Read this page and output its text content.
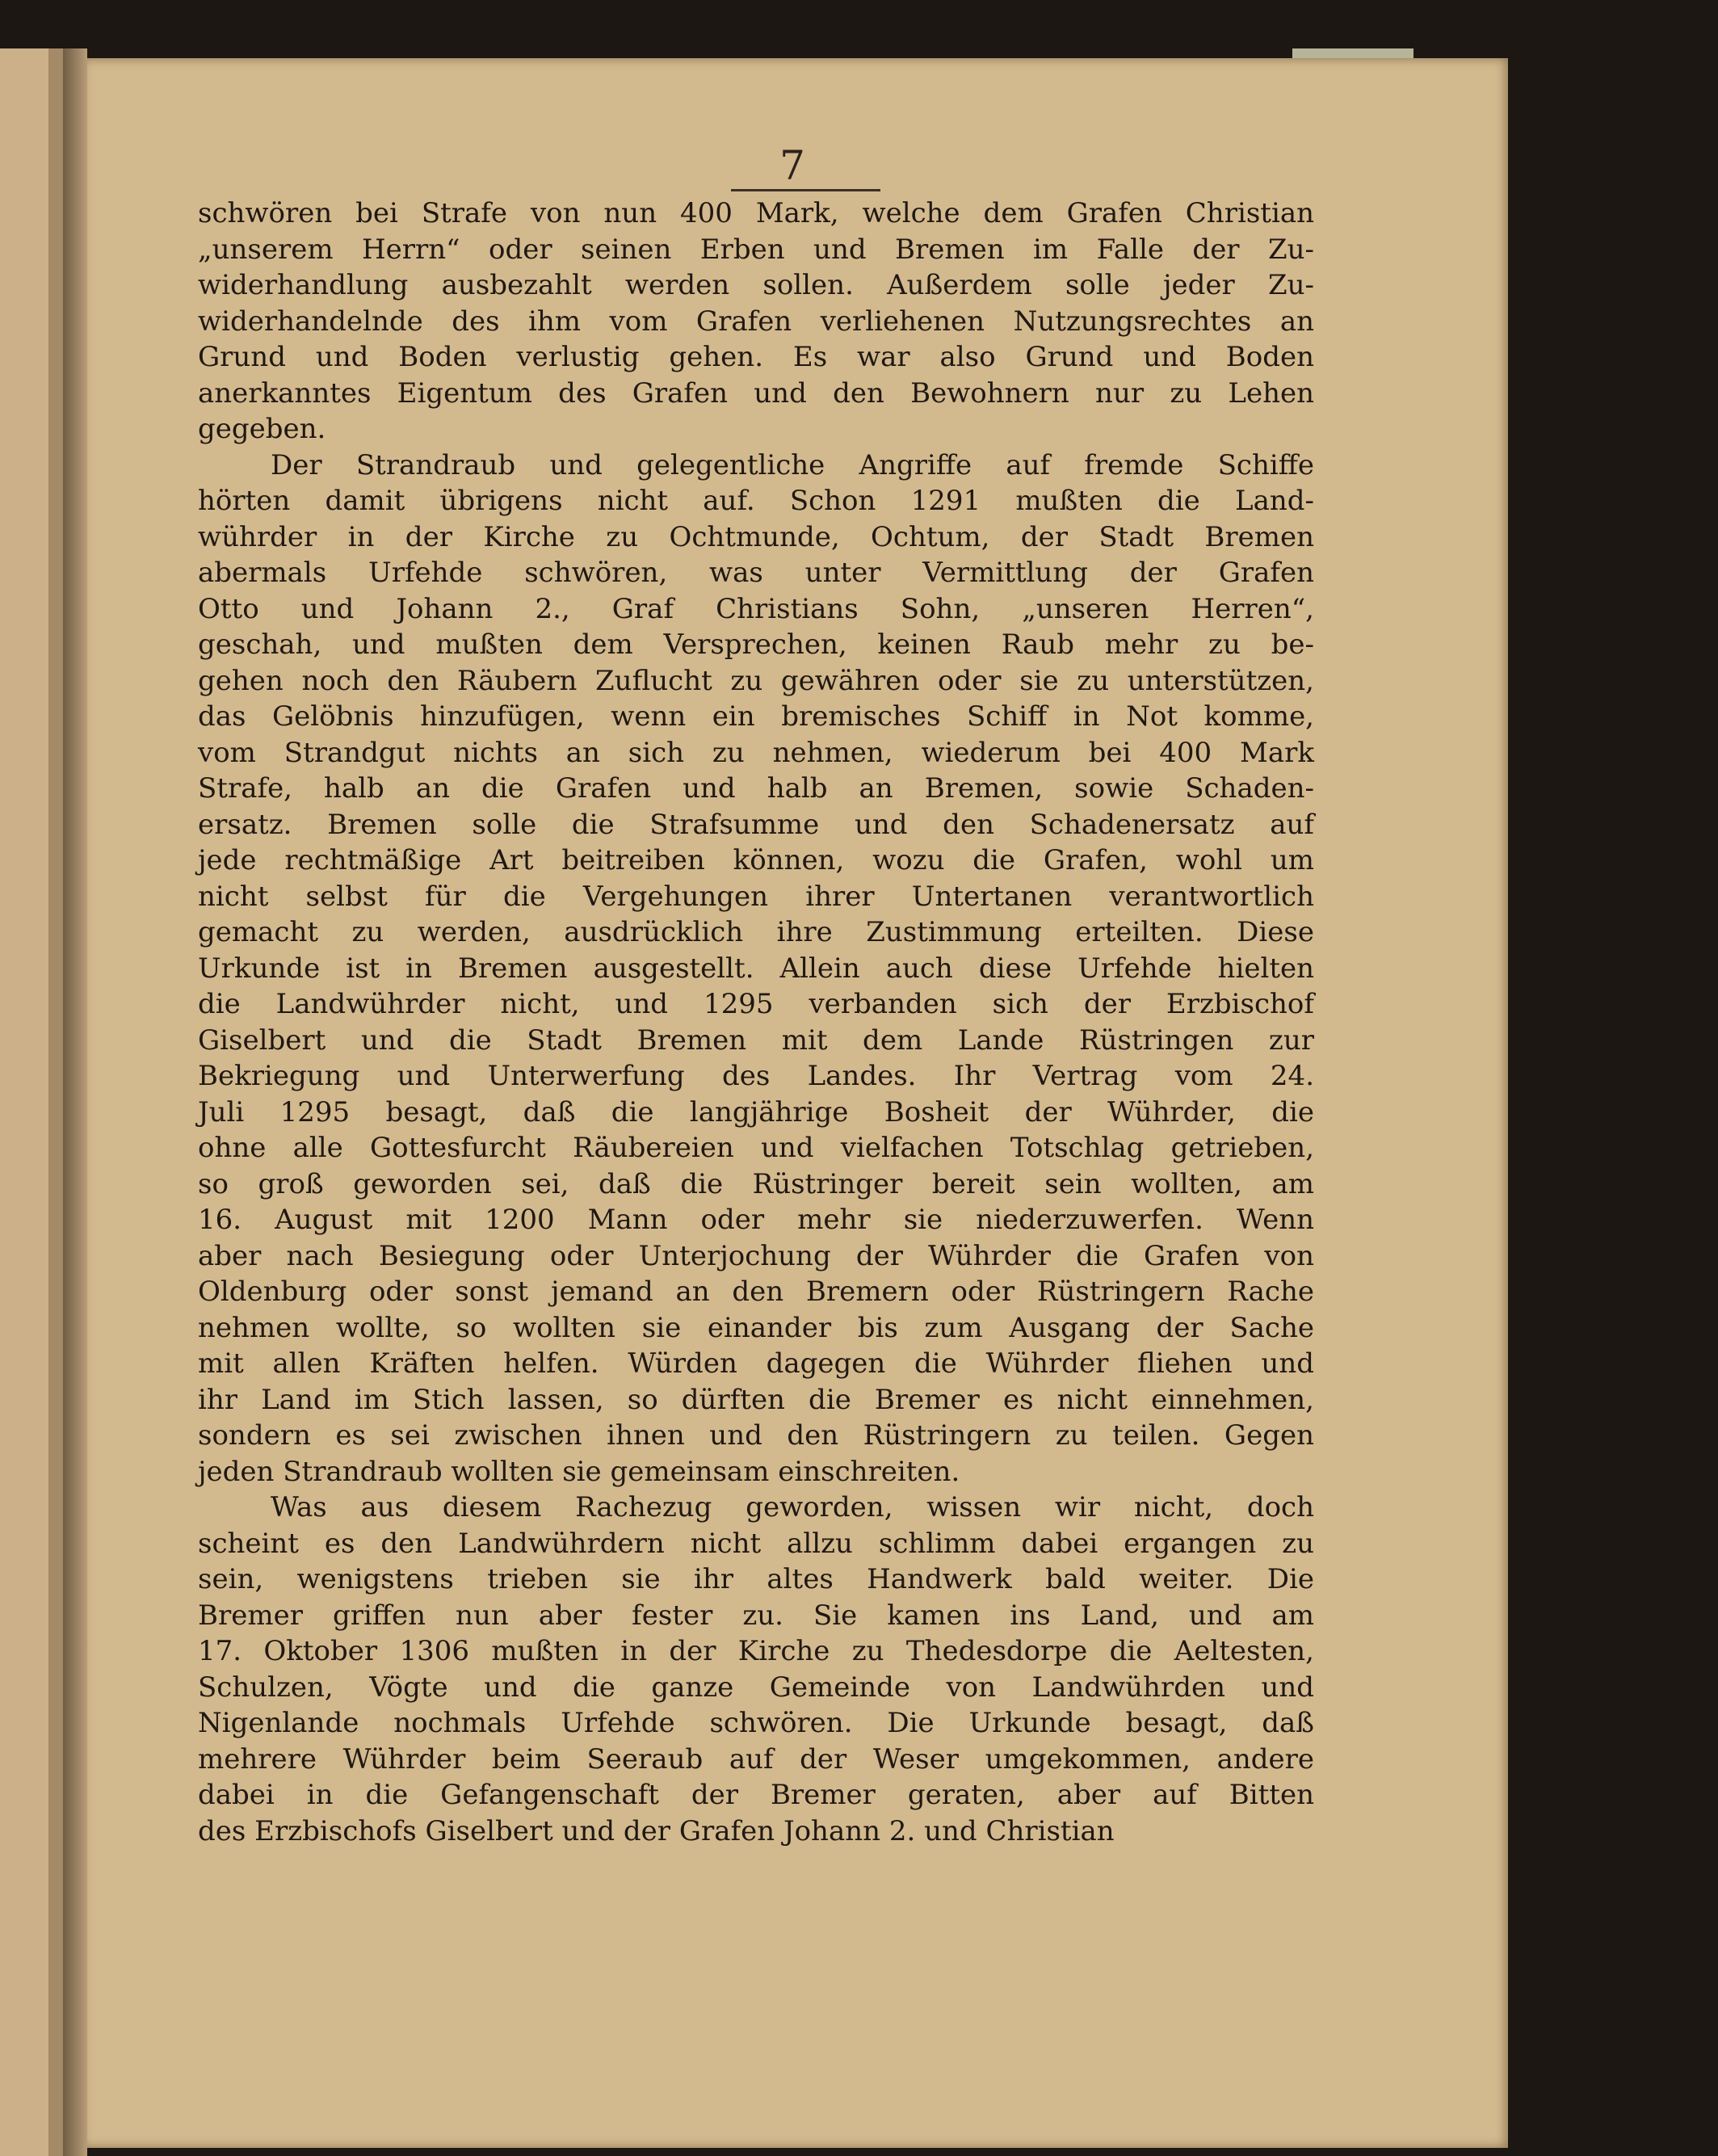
7
schwören bei Strafe von nun 400 Mark, welche dem Grafen Christian
„unserem Herrn“ oder seinen Erben und Bremen im Falle der Zu-
widerhandlung ausbezahlt werden sollen. Außerdem solle jeder Zu-
widerhandelnde des ihm vom Grafen verliehenen Nutzungsrechtes an
Grund und Boden verlustig gehen. Es war also Grund und Boden
anerkanntes Eigentum des Grafen und den Bewohnern nur zu Lehen
gegeben.
Der Strandraub und gelegentliche Angriffe auf fremde Schiffe
hörten damit übrigens nicht auf. Schon 1291 mußten die Land-
wührder in der Kirche zu Ochtmunde, Ochtum, der Stadt Bremen
abermals Urfehde schwören, was unter Vermittlung der Grafen
Otto und Johann 2., Graf Christians Sohn, „unseren Herren“,
geschah, und mußten dem Versprechen, keinen Raub mehr zu be-
gehen noch den Räubern Zuflucht zu gewähren oder sie zu unterstützen,
das Gelöbnis hinzufügen, wenn ein bremisches Schiff in Not komme,
vom Strandgut nichts an sich zu nehmen, wiederum bei 400 Mark
Strafe, halb an die Grafen und halb an Bremen, sowie Schaden-
ersatz. Bremen solle die Strafsumme und den Schadenersatz auf
jede rechtmäßige Art beitreiben können, wozu die Grafen, wohl um
nicht selbst für die Vergehungen ihrer Untertanen verantwortlich
gemacht zu werden, ausdrücklich ihre Zustimmung erteilten. Diese
Urkunde ist in Bremen ausgestellt. Allein auch diese Urfehde hielten
die Landwührder nicht, und 1295 verbanden sich der Erzbischof
Giselbert und die Stadt Bremen mit dem Lande Rüstringen zur
Bekriegung und Unterwerfung des Landes. Ihr Vertrag vom 24.
Juli 1295 besagt, daß die langjährige Bosheit der Wührder, die
ohne alle Gottesfurcht Räubereien und vielfachen Totschlag getrieben,
so groß geworden sei, daß die Rüstringer bereit sein wollten, am
16. August mit 1200 Mann oder mehr sie niederzuwerfen. Wenn
aber nach Besiegung oder Unterjochung der Wührder die Grafen von
Oldenburg oder sonst jemand an den Bremern oder Rüstringern Rache
nehmen wollte, so wollten sie einander bis zum Ausgang der Sache
mit allen Kräften helfen. Würden dagegen die Wührder fliehen und
ihr Land im Stich lassen, so dürften die Bremer es nicht einnehmen,
sondern es sei zwischen ihnen und den Rüstringern zu teilen. Gegen
jeden Strandraub wollten sie gemeinsam einschreiten.
Was aus diesem Rachezug geworden, wissen wir nicht, doch
scheint es den Landwührdern nicht allzu schlimm dabei ergangen zu
sein, wenigstens trieben sie ihr altes Handwerk bald weiter. Die
Bremer griffen nun aber fester zu. Sie kamen ins Land, und am
17. Oktober 1306 mußten in der Kirche zu Thedesdorpe die Aeltesten,
Schulzen, Vögte und die ganze Gemeinde von Landwührden und
Nigenlande nochmals Urfehde schwören. Die Urkunde besagt, daß
mehrere Wührder beim Seeraub auf der Weser umgekommen, andere
dabei in die Gefangenschaft der Bremer geraten, aber auf Bitten
des Erzbischofs Giselbert und der Grafen Johann 2. und Christian
